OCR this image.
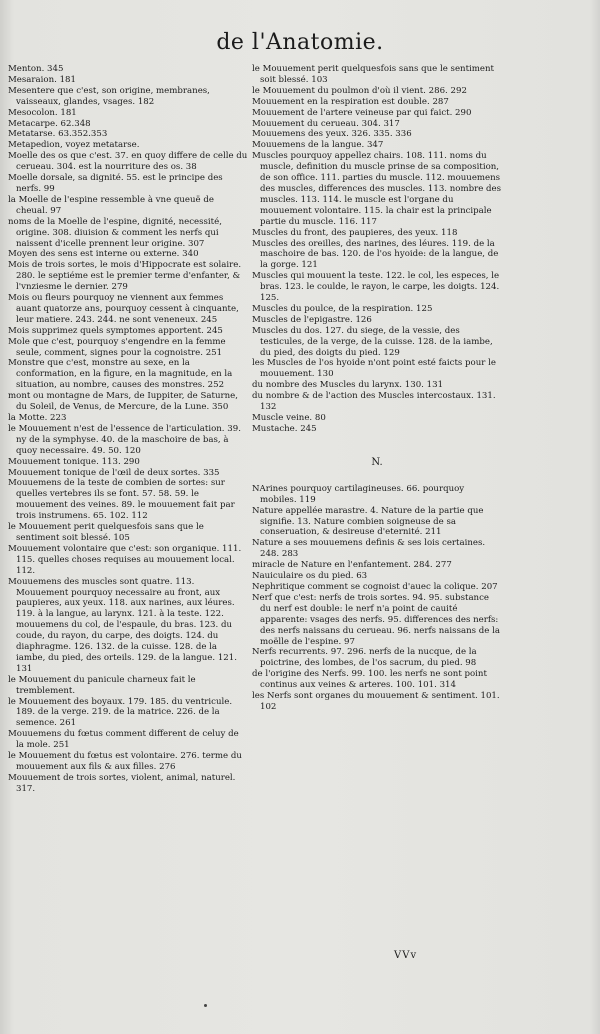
de l'Anatomie.
Menton. 345
Mesaraion. 181
Mesentere que c'est, son origine, membranes, vaisseaux, glandes, vsages. 182
Mesocolon. 181
Metacarpe. 62.348
Metatarse. 63.352.353
Metapedion, voyez metatarse.
Moelle des os que c'est. 37. en quoy differe de celle du cerueau. 304. est la nourriture des os. 38
Moelle dorsale, sa dignité. 55. est le principe des nerfs. 99
la Moelle de l'espine ressemble à vne queuë de cheual. 97
noms de la Moelle de l'espine, dignité, necessité, origine. 308. diuision & comment les nerfs qui naissent d'icelle prennent leur origine. 307
Moyen des sens est interne ou externe. 340
Mois de trois sortes, le mois d'Hippocrate est solaire. 280. le septiéme est le premier terme d'enfanter, & l'vnziesme le dernier. 279
Mois ou fleurs pourquoy ne viennent aux femmes auant quatorze ans, pourquoy cessent à cinquante, leur matiere. 243. 244. ne sont veneneux. 245
Mois supprimez quels symptomes apportent. 245
Mole que c'est, pourquoy s'engendre en la femme seule, comment, signes pour la cognoistre. 251
Monstre que c'est, monstre au sexe, en la conformation, en la figure, en la magnitude, en la situation, au nombre, causes des monstres. 252
mont ou montagne de Mars, de Iuppiter, de Saturne, du Soleil, de Venus, de Mercure, de la Lune. 350
la Motte. 223
le Mouuement n'est de l'essence de l'articulation. 39. ny de la symphyse. 40. de la maschoire de bas, à quoy necessaire. 49. 50. 120
Mouuement tonique. 113. 290
Mouuement tonique de l'œil de deux sortes. 335
Mouuemens de la teste de combien de sortes: sur quelles vertebres ils se font. 57. 58. 59. le mouuement des veines. 89. le mouuement fait par trois instrumens. 65. 102. 112
le Mouuement perit quelquesfois sans que le sentiment soit blessé. 105
Mouuement volontaire que c'est: son organique. 111. 115. quelles choses requises au mouuement local. 112.
Mouuemens des muscles sont quatre. 113. Mouuement pourquoy necessaire au front, aux paupieres, aux yeux. 118. aux narines, aux léures. 119. à la langue, au larynx. 121. à la teste. 122. mouuemens du col, de l'espaule, du bras. 123. du coude, du rayon, du carpe, des doigts. 124. du diaphragme. 126. 132. de la cuisse. 128. de la iambe, du pied, des orteils. 129. de la langue. 121. 131
le Mouuement du panicule charneux fait le tremblement.
le Mouuement des boyaux. 179. 185. du ventricule. 189. de la verge. 219. de la matrice. 226. de la semence. 261
Mouuemens du fœtus comment different de celuy de la mole. 251
le Mouuement du fœtus est volontaire. 276. terme du mouuement aux fils & aux filles. 276
Mouuement de trois sortes, violent, animal, naturel. 317.
le Mouuement perit quelquesfois sans que le sentiment soit blessé. 103
le Mouuement du poulmon d'où il vient. 286. 292
Mouuement en la respiration est double. 287
Mouuement de l'artere veineuse par qui faict. 290
Mouuement du cerueau. 304. 317
Mouuemens des yeux. 326. 335. 336
Mouuemens de la langue. 347
Muscles pourquoy appellez chairs. 108. 111. noms du muscle, definition du muscle prinse de sa composition, de son office. 111. parties du muscle. 112. mouuemens des muscles, differences des muscles. 113. nombre des muscles. 113. 114. le muscle est l'organe du mouuement volontaire. 115. la chair est la principale partie du muscle. 116. 117
Muscles du front, des paupieres, des yeux. 118
Muscles des oreilles, des narines, des léures. 119. de la maschoire de bas. 120. de l'os hyoide: de la langue, de la gorge. 121
Muscles qui mouuent la teste. 122. le col, les especes, le bras. 123. le coulde, le rayon, le carpe, les doigts. 124. 125.
Muscles du poulce, de la respiration. 125
Muscles de l'epigastre. 126
Muscles du dos. 127. du siege, de la vessie, des testicules, de la verge, de la cuisse. 128. de la iambe, du pied, des doigts du pied. 129
les Muscles de l'os hyoide n'ont point esté faicts pour le mouuement. 130
du nombre des Muscles du larynx. 130. 131
du nombre & de l'action des Muscles intercostaux. 131. 132
Muscle veine. 80
Mustache. 245
N.
NArines pourquoy cartilagineuses. 66. pourquoy mobiles. 119
Nature appellée marastre. 4. Nature de la partie que signifie. 13. Nature combien soigneuse de sa conseruation, & desireuse d'eternité. 211
Nature a ses mouuemens definis & ses lois certaines. 248. 283
miracle de Nature en l'enfantement. 284. 277
Nauiculaire os du pied. 63
Nephritique comment se cognoist d'auec la colique. 207
Nerf que c'est: nerfs de trois sortes. 94. 95. substance du nerf est double: le nerf n'a point de cauité apparente: vsages des nerfs. 95. differences des nerfs: des nerfs naissans du cerueau. 96. nerfs naissans de la moëlle de l'espine. 97
Nerfs recurrents. 97. 296. nerfs de la nucque, de la poictrine, des lombes, de l'os sacrum, du pied. 98
de l'origine des Nerfs. 99. 100. les nerfs ne sont point continus aux veines & arteres. 100. 101. 314
les Nerfs sont organes du mouuement & sentiment. 101. 102
VVv
